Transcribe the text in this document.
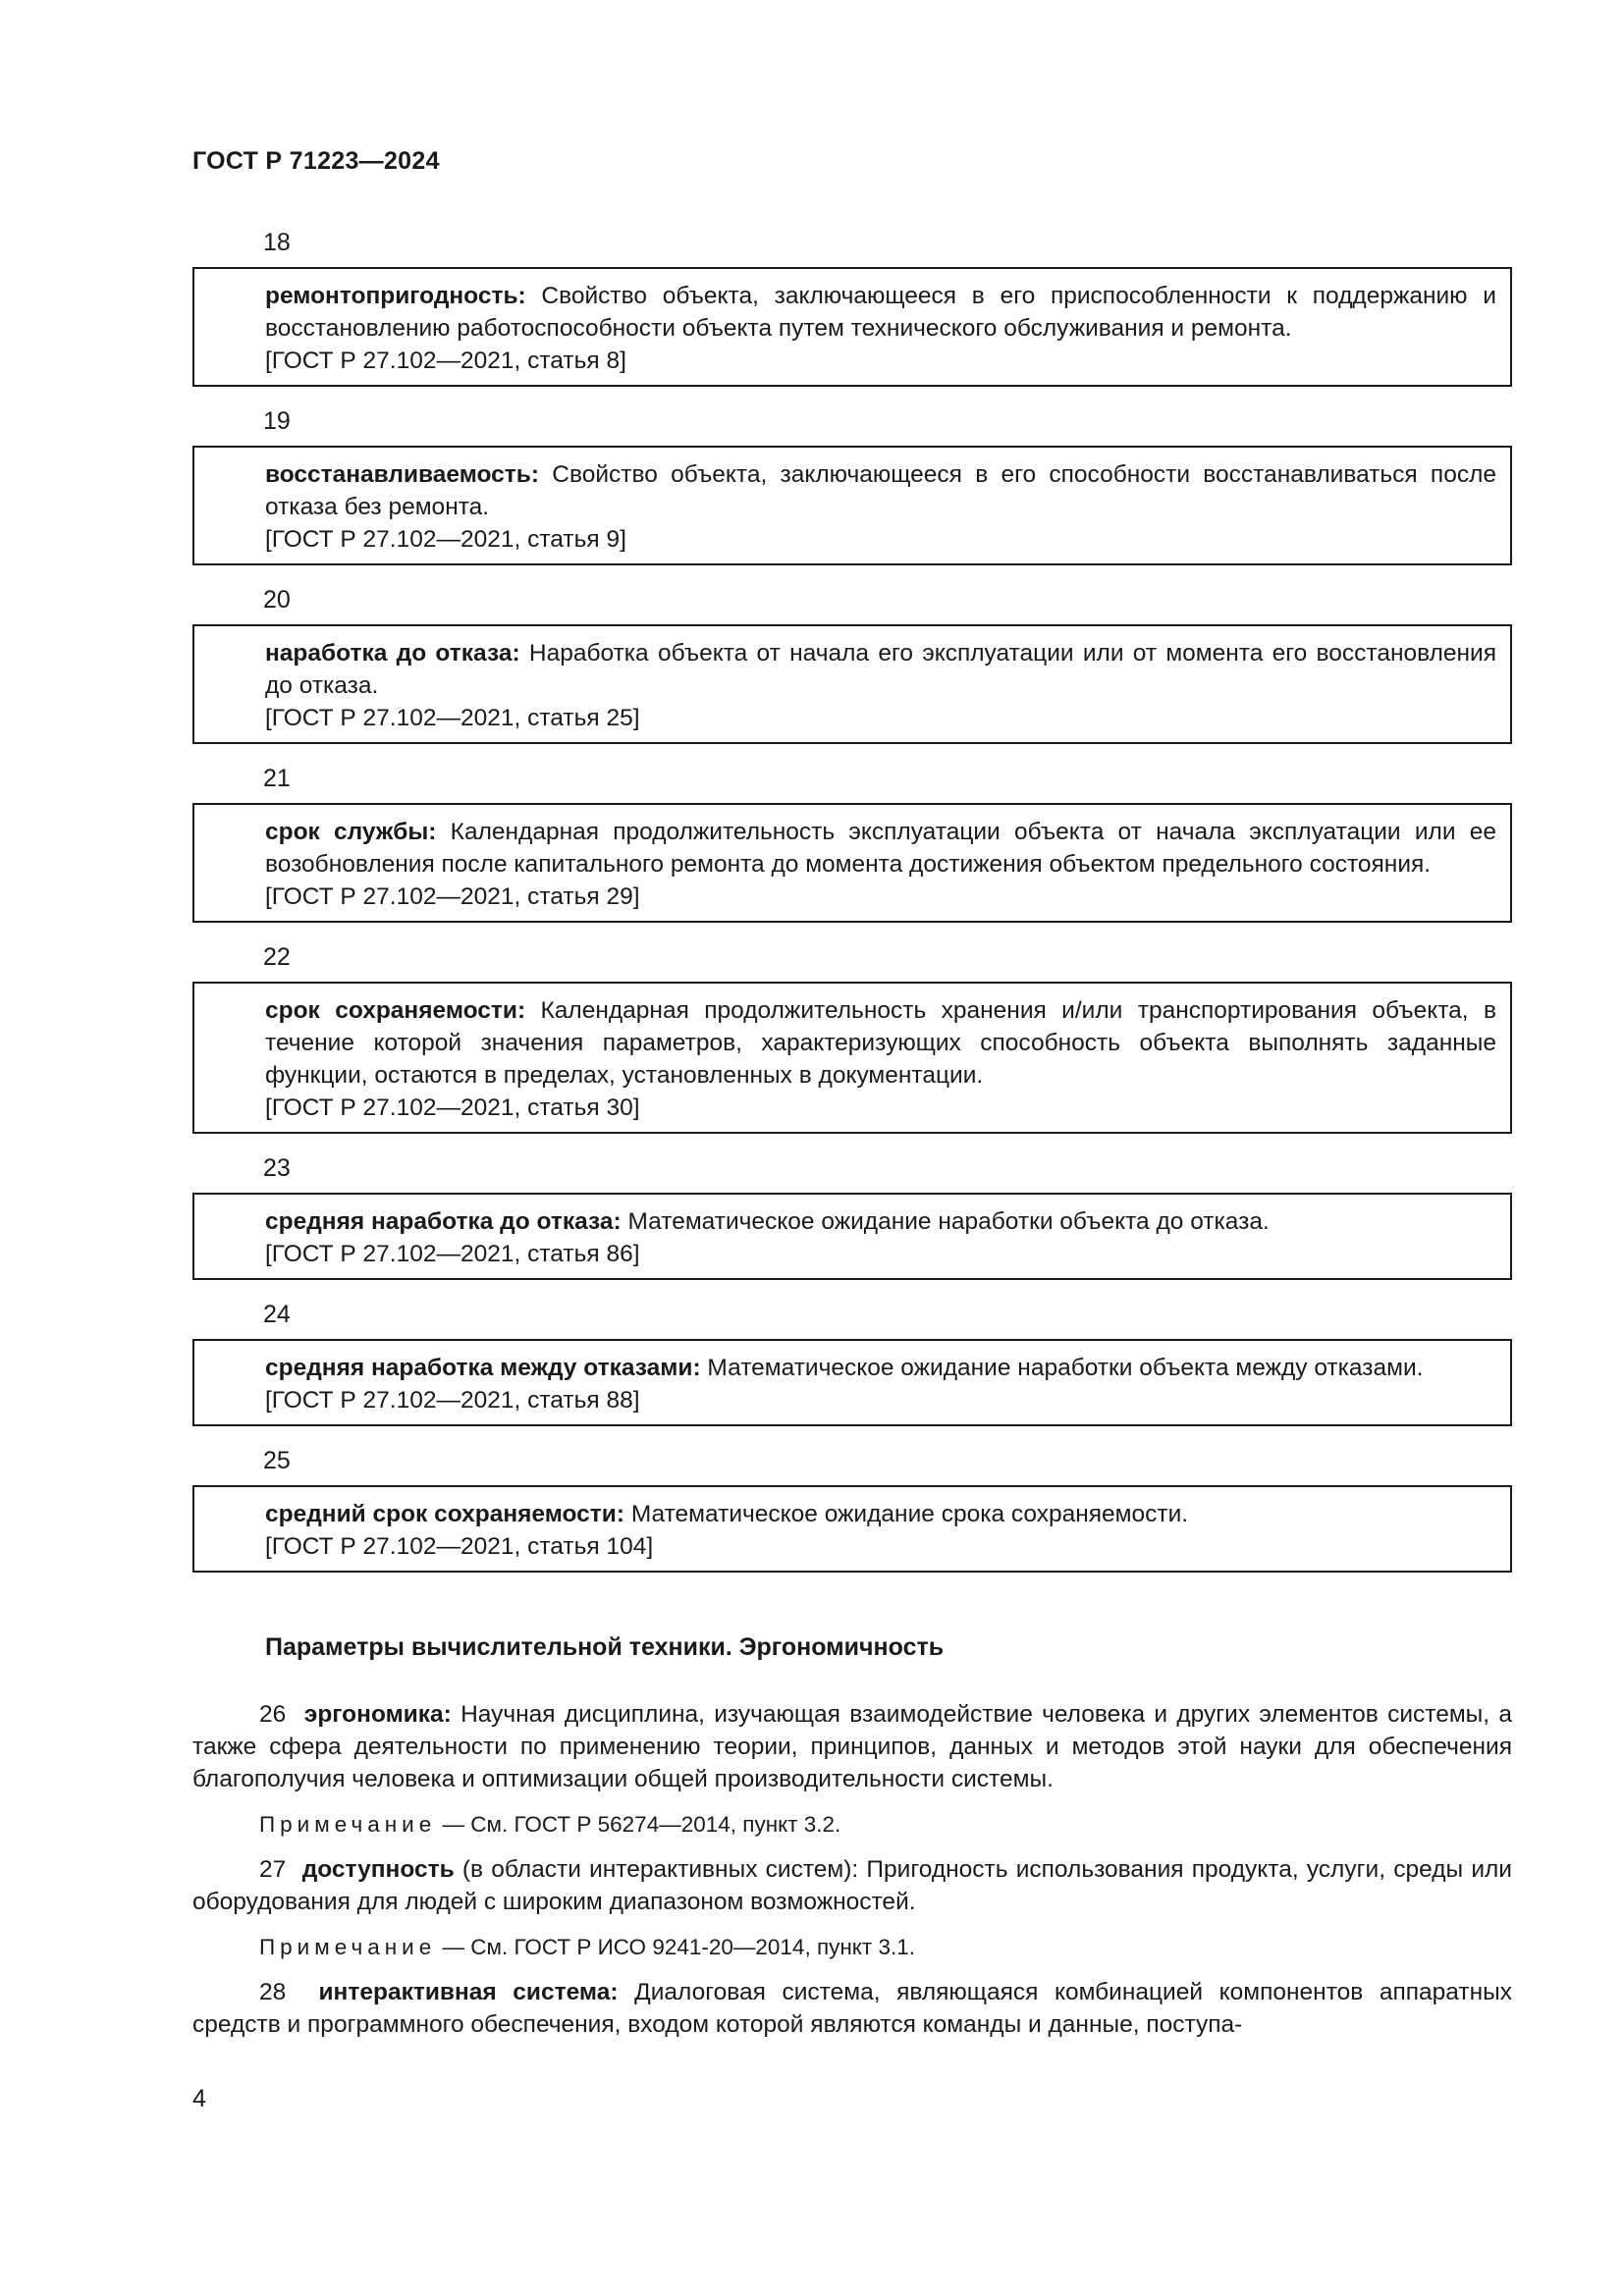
ГОСТ Р 71223—2024
18
ремонтопригодность: Свойство объекта, заключающееся в его приспособленности к поддержанию и восстановлению работоспособности объекта путем технического обслуживания и ремонта.
[ГОСТ Р 27.102—2021, статья 8]
19
восстанавливаемость: Свойство объекта, заключающееся в его способности восстанавливаться после отказа без ремонта.
[ГОСТ Р 27.102—2021, статья 9]
20
наработка до отказа: Наработка объекта от начала его эксплуатации или от момента его восстановления до отказа.
[ГОСТ Р 27.102—2021, статья 25]
21
срок службы: Календарная продолжительность эксплуатации объекта от начала эксплуатации или ее возобновления после капитального ремонта до момента достижения объектом предельного состояния.
[ГОСТ Р 27.102—2021, статья 29]
22
срок сохраняемости: Календарная продолжительность хранения и/или транспортирования объекта, в течение которой значения параметров, характеризующих способность объекта выполнять заданные функции, остаются в пределах, установленных в документации.
[ГОСТ Р 27.102—2021, статья 30]
23
средняя наработка до отказа: Математическое ожидание наработки объекта до отказа.
[ГОСТ Р 27.102—2021, статья 86]
24
средняя наработка между отказами: Математическое ожидание наработки объекта между отказами.
[ГОСТ Р 27.102—2021, статья 88]
25
средний срок сохраняемости: Математическое ожидание срока сохраняемости.
[ГОСТ Р 27.102—2021, статья 104]
Параметры вычислительной техники. Эргономичность

26 эргономика: Научная дисциплина, изучающая взаимодействие человека и других элементов системы, а также сфера деятельности по применению теории, принципов, данных и методов этой науки для обеспечения благополучия человека и оптимизации общей производительности системы.

Примечание — См. ГОСТ Р 56274—2014, пункт 3.2.

27 доступность (в области интерактивных систем): Пригодность использования продукта, услуги, среды или оборудования для людей с широким диапазоном возможностей.

Примечание — См. ГОСТ Р ИСО 9241-20—2014, пункт 3.1.

28 интерактивная система: Диалоговая система, являющаяся комбинацией компонентов аппаратных средств и программного обеспечения, входом которой являются команды и данные, поступа-

4
